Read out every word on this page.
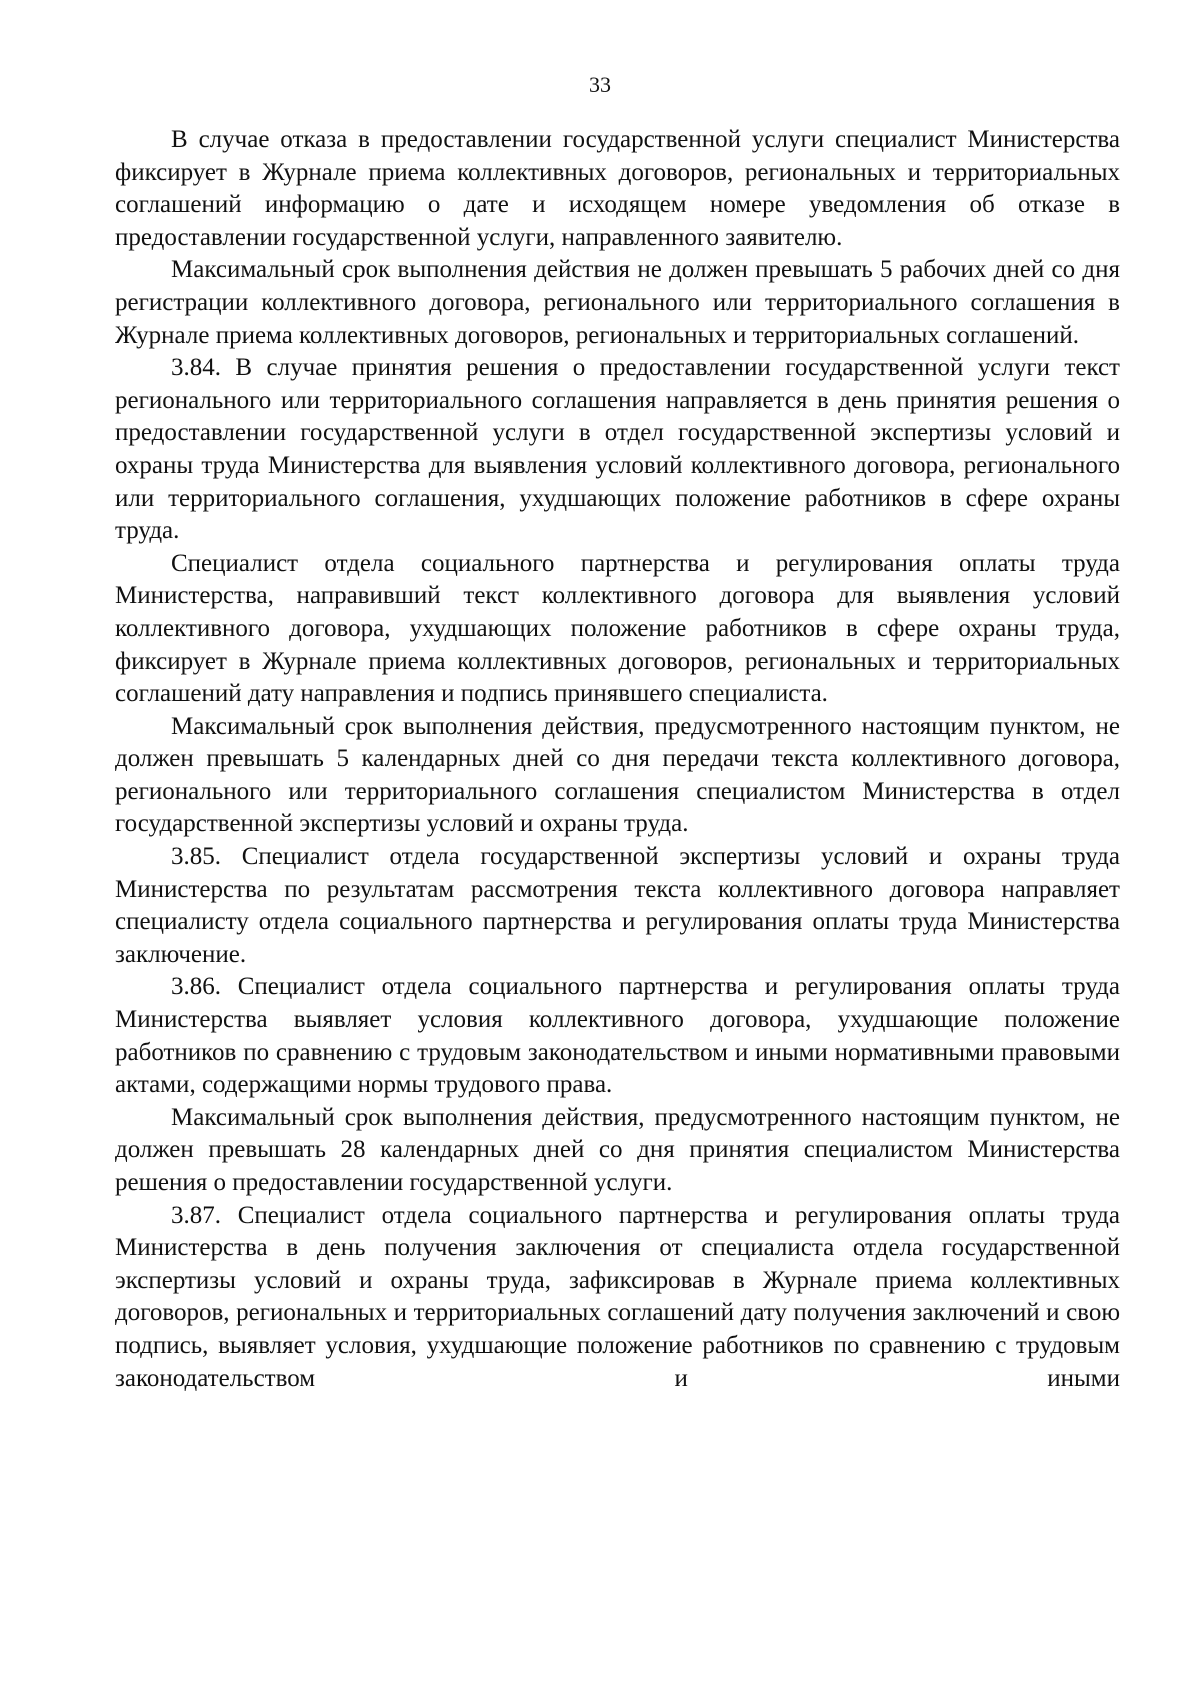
33

В случае отказа в предоставлении государственной услуги специалист Министерства фиксирует в Журнале приема коллективных договоров, региональных и территориальных соглашений информацию о дате и исходящем номере уведомления об отказе в предоставлении государственной услуги, направленного заявителю.

Максимальный срок выполнения действия не должен превышать 5 рабочих дней со дня регистрации коллективного договора, регионального или территориального соглашения в Журнале приема коллективных договоров, региональных и территориальных соглашений.

3.84. В случае принятия решения о предоставлении государственной услуги текст регионального или территориального соглашения направляется в день принятия решения о предоставлении государственной услуги в отдел государственной экспертизы условий и охраны труда Министерства для выявления условий коллективного договора, регионального или территориального соглашения, ухудшающих положение работников в сфере охраны труда.

Специалист отдела социального партнерства и регулирования оплаты труда Министерства, направивший текст коллективного договора для выявления условий коллективного договора, ухудшающих положение работников в сфере охраны труда, фиксирует в Журнале приема коллективных договоров, региональных и территориальных соглашений дату направления и подпись принявшего специалиста.

Максимальный срок выполнения действия, предусмотренного настоящим пунктом, не должен превышать 5 календарных дней со дня передачи текста коллективного договора, регионального или территориального соглашения специалистом Министерства в отдел государственной экспертизы условий и охраны труда.

3.85. Специалист отдела государственной экспертизы условий и охраны труда Министерства по результатам рассмотрения текста коллективного договора направляет специалисту отдела социального партнерства и регулирования оплаты труда Министерства заключение.

3.86. Специалист отдела социального партнерства и регулирования оплаты труда Министерства выявляет условия коллективного договора, ухудшающие положение работников по сравнению с трудовым законодательством и иными нормативными правовыми актами, содержащими нормы трудового права.

Максимальный срок выполнения действия, предусмотренного настоящим пунктом, не должен превышать 28 календарных дней со дня принятия специалистом Министерства решения о предоставлении государственной услуги.

3.87. Специалист отдела социального партнерства и регулирования оплаты труда Министерства в день получения заключения от специалиста отдела государственной экспертизы условий и охраны труда, зафиксировав в Журнале приема коллективных договоров, региональных и территориальных соглашений дату получения заключений и свою подпись, выявляет условия, ухудшающие положение работников по сравнению с трудовым законодательством и иными
